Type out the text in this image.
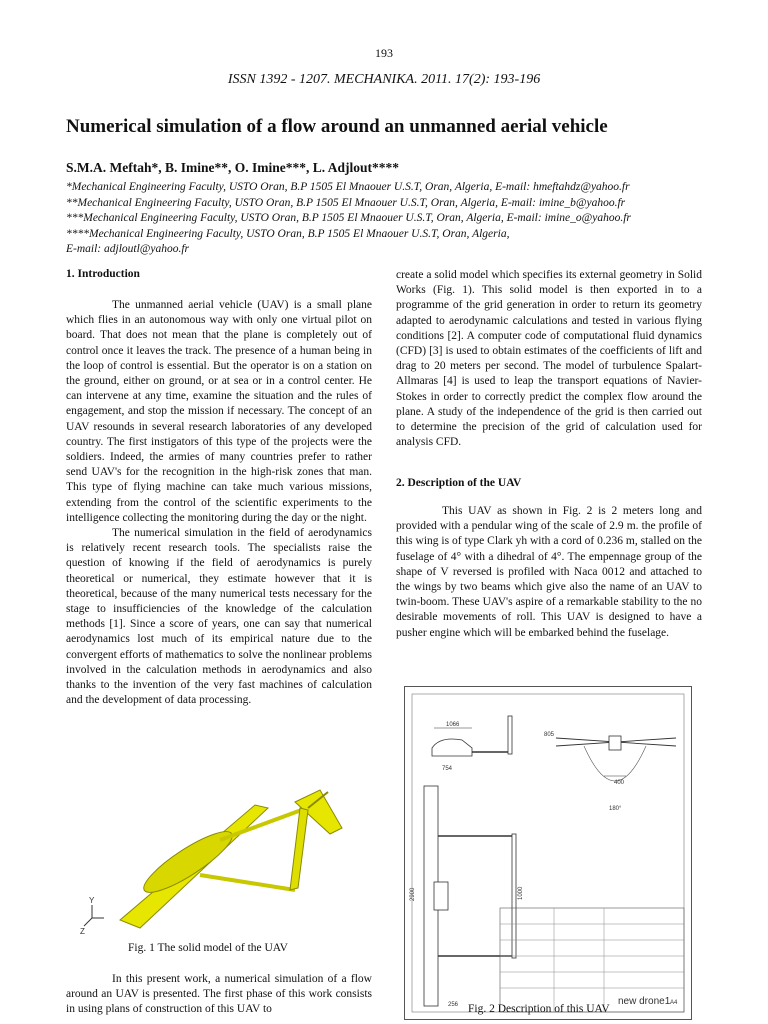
193
ISSN 1392 - 1207. MECHANIKA. 2011. 17(2): 193-196
Numerical simulation of a flow around an unmanned aerial vehicle
S.M.A. Meftah*, B. Imine**, O. Imine***, L. Adjlout****
*Mechanical Engineering Faculty, USTO Oran, B.P 1505 El Mnaouer U.S.T, Oran, Algeria, E-mail: hmeftahdz@yahoo.fr
**Mechanical Engineering Faculty, USTO Oran, B.P 1505 El Mnaouer U.S.T, Oran, Algeria, E-mail: imine_b@yahoo.fr
***Mechanical Engineering Faculty, USTO Oran, B.P 1505 El Mnaouer U.S.T, Oran, Algeria, E-mail: imine_o@yahoo.fr
****Mechanical Engineering Faculty, USTO Oran, B.P 1505 El Mnaouer U.S.T, Oran, Algeria,
E-mail: adjloutl@yahoo.fr
1. Introduction

The unmanned aerial vehicle (UAV) is a small plane which flies in an autonomous way with only one virtual pilot on board. That does not mean that the plane is completely out of control once it leaves the track. The presence of a human being in the loop of control is essential. But the operator is on a station on the ground, either on ground, or at sea or in a control center. He can intervene at any time, examine the situation and the rules of engagement, and stop the mission if necessary. The concept of an UAV resounds in several research laboratories of any developed country. The first instigators of this type of the projects were the soldiers. Indeed, the armies of many countries prefer to rather send UAV's for the recognition in the high-risk zones that man. This type of flying machine can take much various missions, extending from the control of the scientific experiments to the intelligence collecting the monitoring during the day or the night.

The numerical simulation in the field of aerodynamics is relatively recent research tools. The specialists raise the question of knowing if the field of aerodynamics is purely theoretical or numerical, they estimate however that it is theoretical, because of the many numerical tests necessary for the stage to insufficiencies of the knowledge of the calculation methods [1]. Since a score of years, one can say that numerical aerodynamics lost much of its empirical nature due to the convergent efforts of mathematics to solve the nonlinear problems involved in the calculation methods in aerodynamics and also thanks to the invention of the very fast machines of calculation and the development of data processing.

Y
Z
Fig. 1 The solid model of the UAV

In this present work, a numerical simulation of a flow around an UAV is presented. The first phase of this work consists in using plans of construction of this UAV to

create a solid model which specifies its external geometry in Solid Works (Fig. 1). This solid model is then exported in to a programme of the grid generation in order to return its geometry adapted to aerodynamic calculations and tested in various flying conditions [2]. A computer code of computational fluid dynamics (CFD) [3] is used to obtain estimates of the coefficients of lift and drag to 20 meters per second. The model of turbulence Spalart-Allmaras [4] is used to leap the transport equations of Navier-Stokes in order to correctly predict the complex flow around the plane. A study of the independence of the grid is then carried out to determine the precision of the grid of calculation used for analysis CFD.

2. Description of the UAV

This UAV as shown in Fig. 2 is 2 meters long and provided with a pendular wing of the scale of 2.9 m. the profile of this wing is of type Clark yh with a cord of 0.236 m, stalled on the fuselage of 4° with a dihedral of 4°. The empennage group of the shape of V reversed is profiled with Naca 0012 and attached to the wings by two beams which give also the name of an UAV to twin-boom. These UAV's aspire of a remarkable stability to the no desirable movements of roll. This UAV is designed to have a pusher engine which will be embarked behind the fuselage.

1066
754
805
400
180°
2900	1000
256	new drone1 A4
Fig. 2 Description of this UAV
